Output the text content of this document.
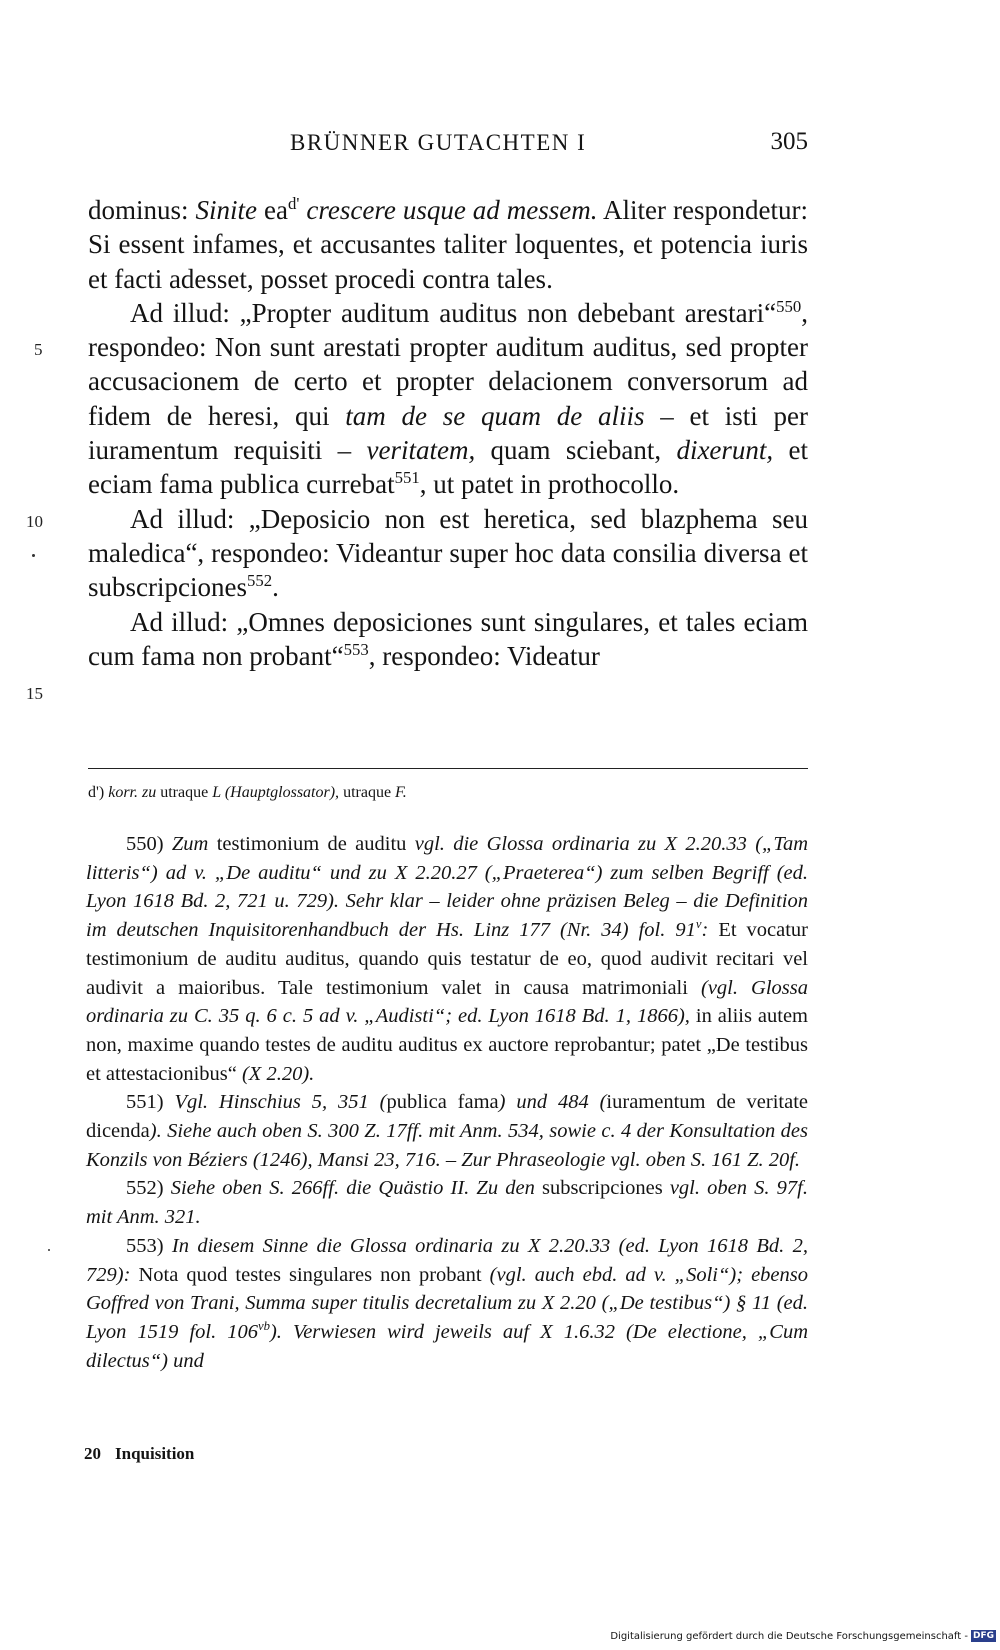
BRÜNNER GUTACHTEN I	305

dominus: Sinite $ea^{d'}$ crescere usque ad messem. Aliter respondetur: Si essent infames, et accusantes taliter loquentes, et potencia iuris et facti adesset, posset procedi contra tales.

Ad illud: „Propter auditum auditus non debebant arestari“$^{550}$, respondeo: Non sunt arestati propter auditum auditus, sed propter accusacionem de certo et propter delacionem conversorum ad fidem de heresi, qui tam de se quam de aliis – et isti per iuramentum requisiti – veritatem, quam sciebant, dixerunt, et eciam fama publica currebat$^{551}$, ut patet in prothocollo.

Ad illud: „Deposicio non est heretica, sed blazphema seu maledica“, respondeo: Videantur super hoc data consilia diversa et subscripciones$^{552}$.

Ad illud: „Omnes deposiciones sunt singulares, et tales eciam cum fama non probant“$^{553}$, respondeo: Videatur

5
10
15
d') korr. zu utraque L (Hauptglossator), utraque F.

550) Zum testimonium de auditu vgl. die Glossa ordinaria zu X 2.20.33 („Tam litteris“) ad v. „De auditu“ und zu X 2.20.27 („Praeterea“) zum selben Begriff (ed. Lyon 1618 Bd. 2, 721 u. 729). Sehr klar – leider ohne präzisen Beleg – die Definition im deutschen Inquisitorenhandbuch der Hs. Linz 177 (Nr. 34) fol. 91$^v$: Et vocatur testimonium de auditu auditus, quando quis testatur de eo, quod audivit recitari vel audivit a maioribus. Tale testimonium valet in causa matrimoniali (vgl. Glossa ordinaria zu C. 35 q. 6 c. 5 ad v. „Audisti“; ed. Lyon 1618 Bd. 1, 1866), in aliis autem non, maxime quando testes de auditu auditus ex auctore reprobantur; patet „De testibus et attestacionibus“ (X 2.20).

551) Vgl. Hinschius 5, 351 (publica fama) und 484 (iuramentum de veritate dicenda). Siehe auch oben S. 300 Z. 17ff. mit Anm. 534, sowie c. 4 der Konsultation des Konzils von Béziers (1246), Mansi 23, 716. – Zur Phraseologie vgl. oben S. 161 Z. 20f.

552) Siehe oben S. 266ff. die Quästio II. Zu den subscripciones vgl. oben S. 97f. mit Anm. 321.

553) In diesem Sinne die Glossa ordinaria zu X 2.20.33 (ed. Lyon 1618 Bd. 2, 729): Nota quod testes singulares non probant (vgl. auch ebd. ad v. „Soli“); ebenso Goffred von Trani, Summa super titulis decretalium zu X 2.20 („De testibus“) § 11 (ed. Lyon 1519 fol. $106^{vb}$). Verwiesen wird jeweils auf X 1.6.32 (De electione, „Cum dilectus“) und

20 Inquisition
Digitalisierung gefördert durch die Deutsche Forschungsgemeinschaft - DFG
